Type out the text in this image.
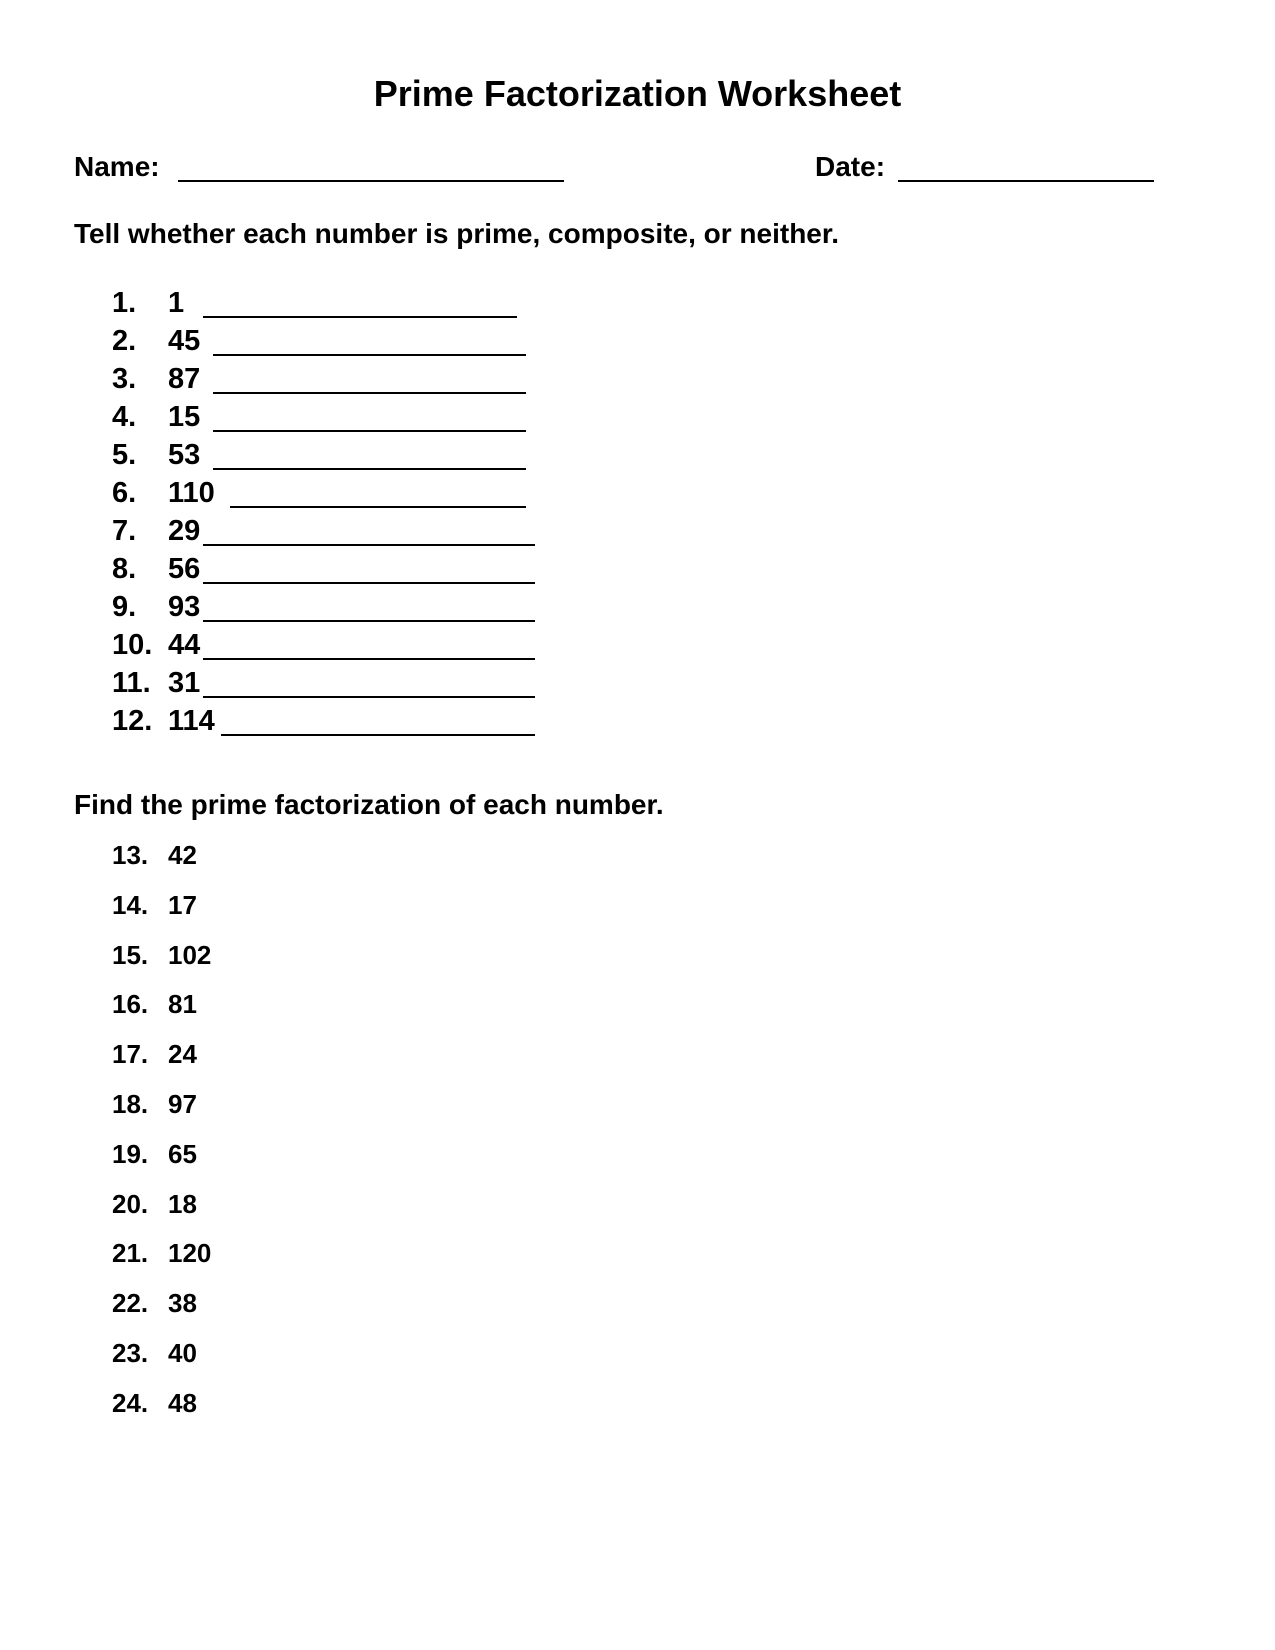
Prime Factorization Worksheet
Name:	Date:
Tell whether each number is prime, composite, or neither.
1. 1
2. 45
3. 87
4. 15
5. 53
6. 110
7. 29
8. 56
9. 93
10. 44
11. 31
12. 114
Find the prime factorization of each number.
13. 42
14. 17
15. 102
16. 81
17. 24
18. 97
19. 65
20. 18
21. 120
22. 38
23. 40
24. 48
